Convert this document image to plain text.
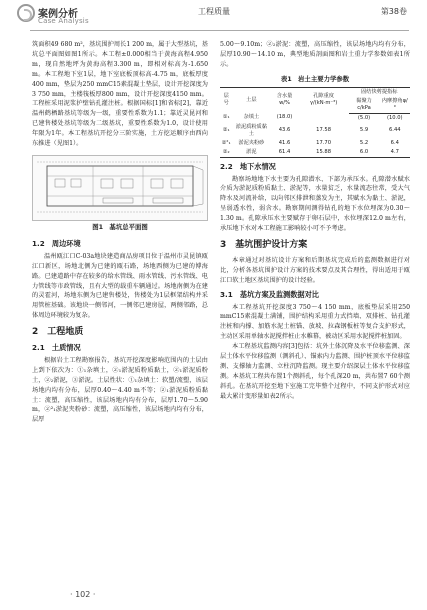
案例分析
Case Analysis
工程质量	第38卷

筑面积49 680 m²，基坑围护周长1 200 m，属于大型基坑，基坑总平面图如图1所示。本工程±0.000相当于黄海高程4.950 m，现自然地坪为黄海高程3.300 m，即相对标高为-1.650 m。本工程地下室1层，地下室底板顶标高-4.75 m，底板厚度400 mm，垫层为250 mmC15素混凝土垫层，设计开挖深度为3 750 mm，主楼筏板厚800 mm，设计开挖深度4150 mm。工程桩采用泥浆护壁钻孔灌注桩。根据国标[1]和省标[2]，靠近温州鹤栖路基坑等级为一级，重要性系数为1.1；靠近灵昆河和已建售楼处基坑等级为二级基坑，重要性系数为1.0，设计使用年限为1年。本工程基坑开挖分三阶实施，土方挖运顺序由西向东推进（见图1）。

图1　基坑总平面图
1.2　周边环境

温州瓯江口C-03a地块建造商品房项目位于温州市灵昆镇瓯江口新区，场地北侧为已建的瓯石路，场地西侧为已建的博海路。已建道路中存在较多的给水管线、雨水管线、污水管线、电力管线等市政管线，且有大型的载重车辆通过。场地南侧为在建的灵霍河，场地东侧为已建售楼处，售楼处为1层框架结构并采用管桩基础。该地块一侧邻河，一侧邻已建房屋，两侧邻路，总体周边环境较为复杂。

2　工程地质
2.1　土质情况

根据岩土工程勘察报告，基坑开挖深度影响范围内的土层由上到下依次为：①₁杂填土，②₁淤泥质粉质黏土，②₁淤泥质粉土，②₂淤泥，③淤泥。土层性状：①₁杂填土：软塑/流塑，该层场地内均有分布，层厚0.40～4.40 m不等；②₁淤泥质粉质黏土：流塑，高压缩性，该层场地内均有分布，层厚1.70～5.90 m，②²₁淤泥夹粉砂：流塑，高压缩性，该层场地内均有分布，层厚

5.00～9.10m；②₂淤泥：流塑，高压缩性，该层场地内均有分布，层厚10.90～14.10 m，典型地质剖面图和岩土重力学参数如表1所示。

表1　岩土主要力学参数
层号	土层	含水量w/%	孔隙重度γ/(kN·m⁻³)	固结快剪提指标	
				黏聚力c/kPa	内摩擦角φ/°
①₁	杂填土	(18.0)		(5.0)	(10.0)
②₁	淤泥质粉质黏土	43.6	17.58	5.9	6.44
②²₁	淤泥夹粉砂	41.6	17.70	5.2	6.4
②₂	淤泥	61.4	15.88	6.0	4.7
2.2　地下水情况

勘察场地地下水主要为孔隙潜水、下部为承压水。孔隙潜水赋水介质为淤泥质粉质黏土、淤泥等，水量贫乏，水量流态往常，受大气降水及河流补给，以向邻区排泄和蒸发为主，其赋水为黏土、淤泥，呈弱透水性，弱含水。勘察期间测得钻孔的地下水位埋深为0.30～1.30 m。孔隙承压水主要赋存于卵石层中，水位埋深12.0 m左右，承压地下水对本工程施工影响较小可不予考虑。

3　基坑围护设计方案

本章通过对基坑设计方案和后期基坑完成后的监测数据进行对比，分析各基坑围护设计方案的技术要点及其合理性，得出适用于瓯江口软土地区基坑围护的设计经验。

3.1　基坑方案及监测数据对比

本工程基坑开挖深度3 750～4 150 mm，底板垫层采用250 mmC15素混凝土满铺，围护结构采用重力式挡墙、双排桩、钻孔灌注桩和内撑、加筋水泥土桩锚、放坡、拉森钢板桩等复合支护形式，主动区采用单轴水泥搅拌桩止水帷幕，被动区采用水泥搅拌桩加固。

本工程基坑监测内容[3]包括：坑外土体沉降及水平位移监测、深层土体水平位移监测（测斜孔）、锚索内力监测、围护桩顶水平位移监测、支撑轴力监测、立柱沉降监测。现主要介绍深层土体水平位移监测。本基坑工程共布置1个测斜孔，每个孔深20 m，共布置7 60个测斜孔。在基坑开挖至地下室施工完毕整个过程中，不同支护形式对应最大累计变形量如表2所示。

· 102 ·
